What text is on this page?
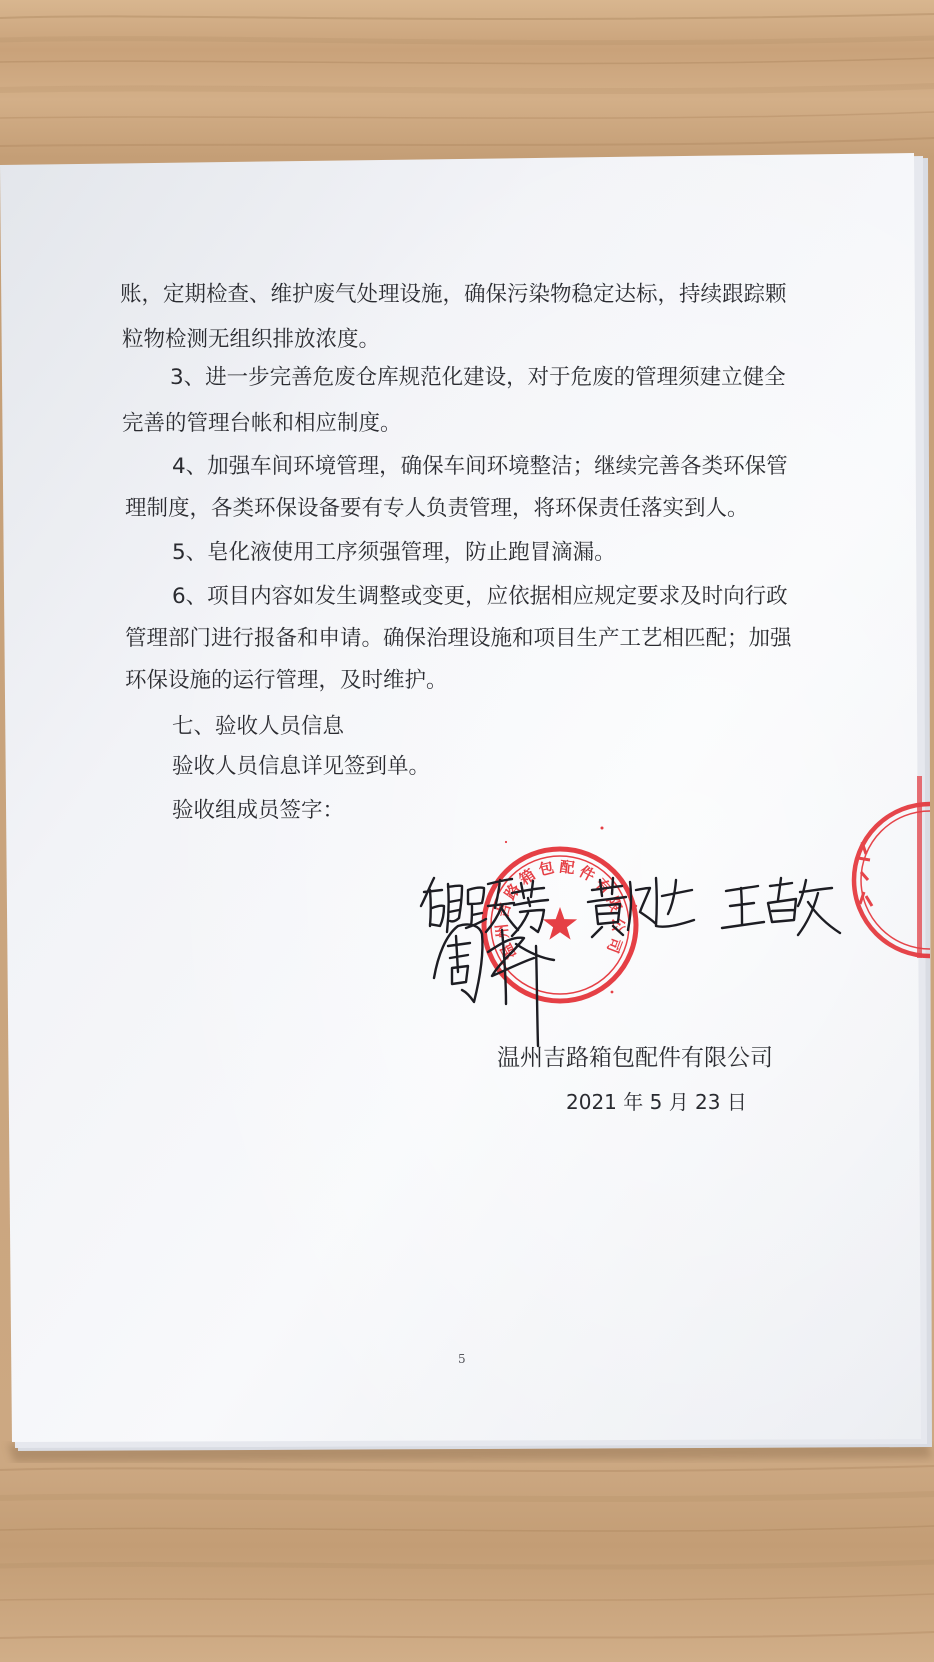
温州吉路箱包配件有限公司
账，定期检查、维护废气处理设施，确保污染物稳定达标，持续跟踪颗
粒物检测无组织排放浓度。
3、进一步完善危废仓库规范化建设，对于危废的管理须建立健全
完善的管理台帐和相应制度。
4、加强车间环境管理，确保车间环境整洁；继续完善各类环保管
理制度，各类环保设备要有专人负责管理，将环保责任落实到人。
5、皂化液使用工序须强管理，防止跑冒滴漏。
6、项目内容如发生调整或变更，应依据相应规定要求及时向行政
管理部门进行报备和申请。确保治理设施和项目生产工艺相匹配；加强
环保设施的运行管理，及时维护。
七、验收人员信息
验收人员信息详见签到单。
验收组成员签字：
温州吉路箱包配件有限公司
2021 年 5 月 23 日
5
